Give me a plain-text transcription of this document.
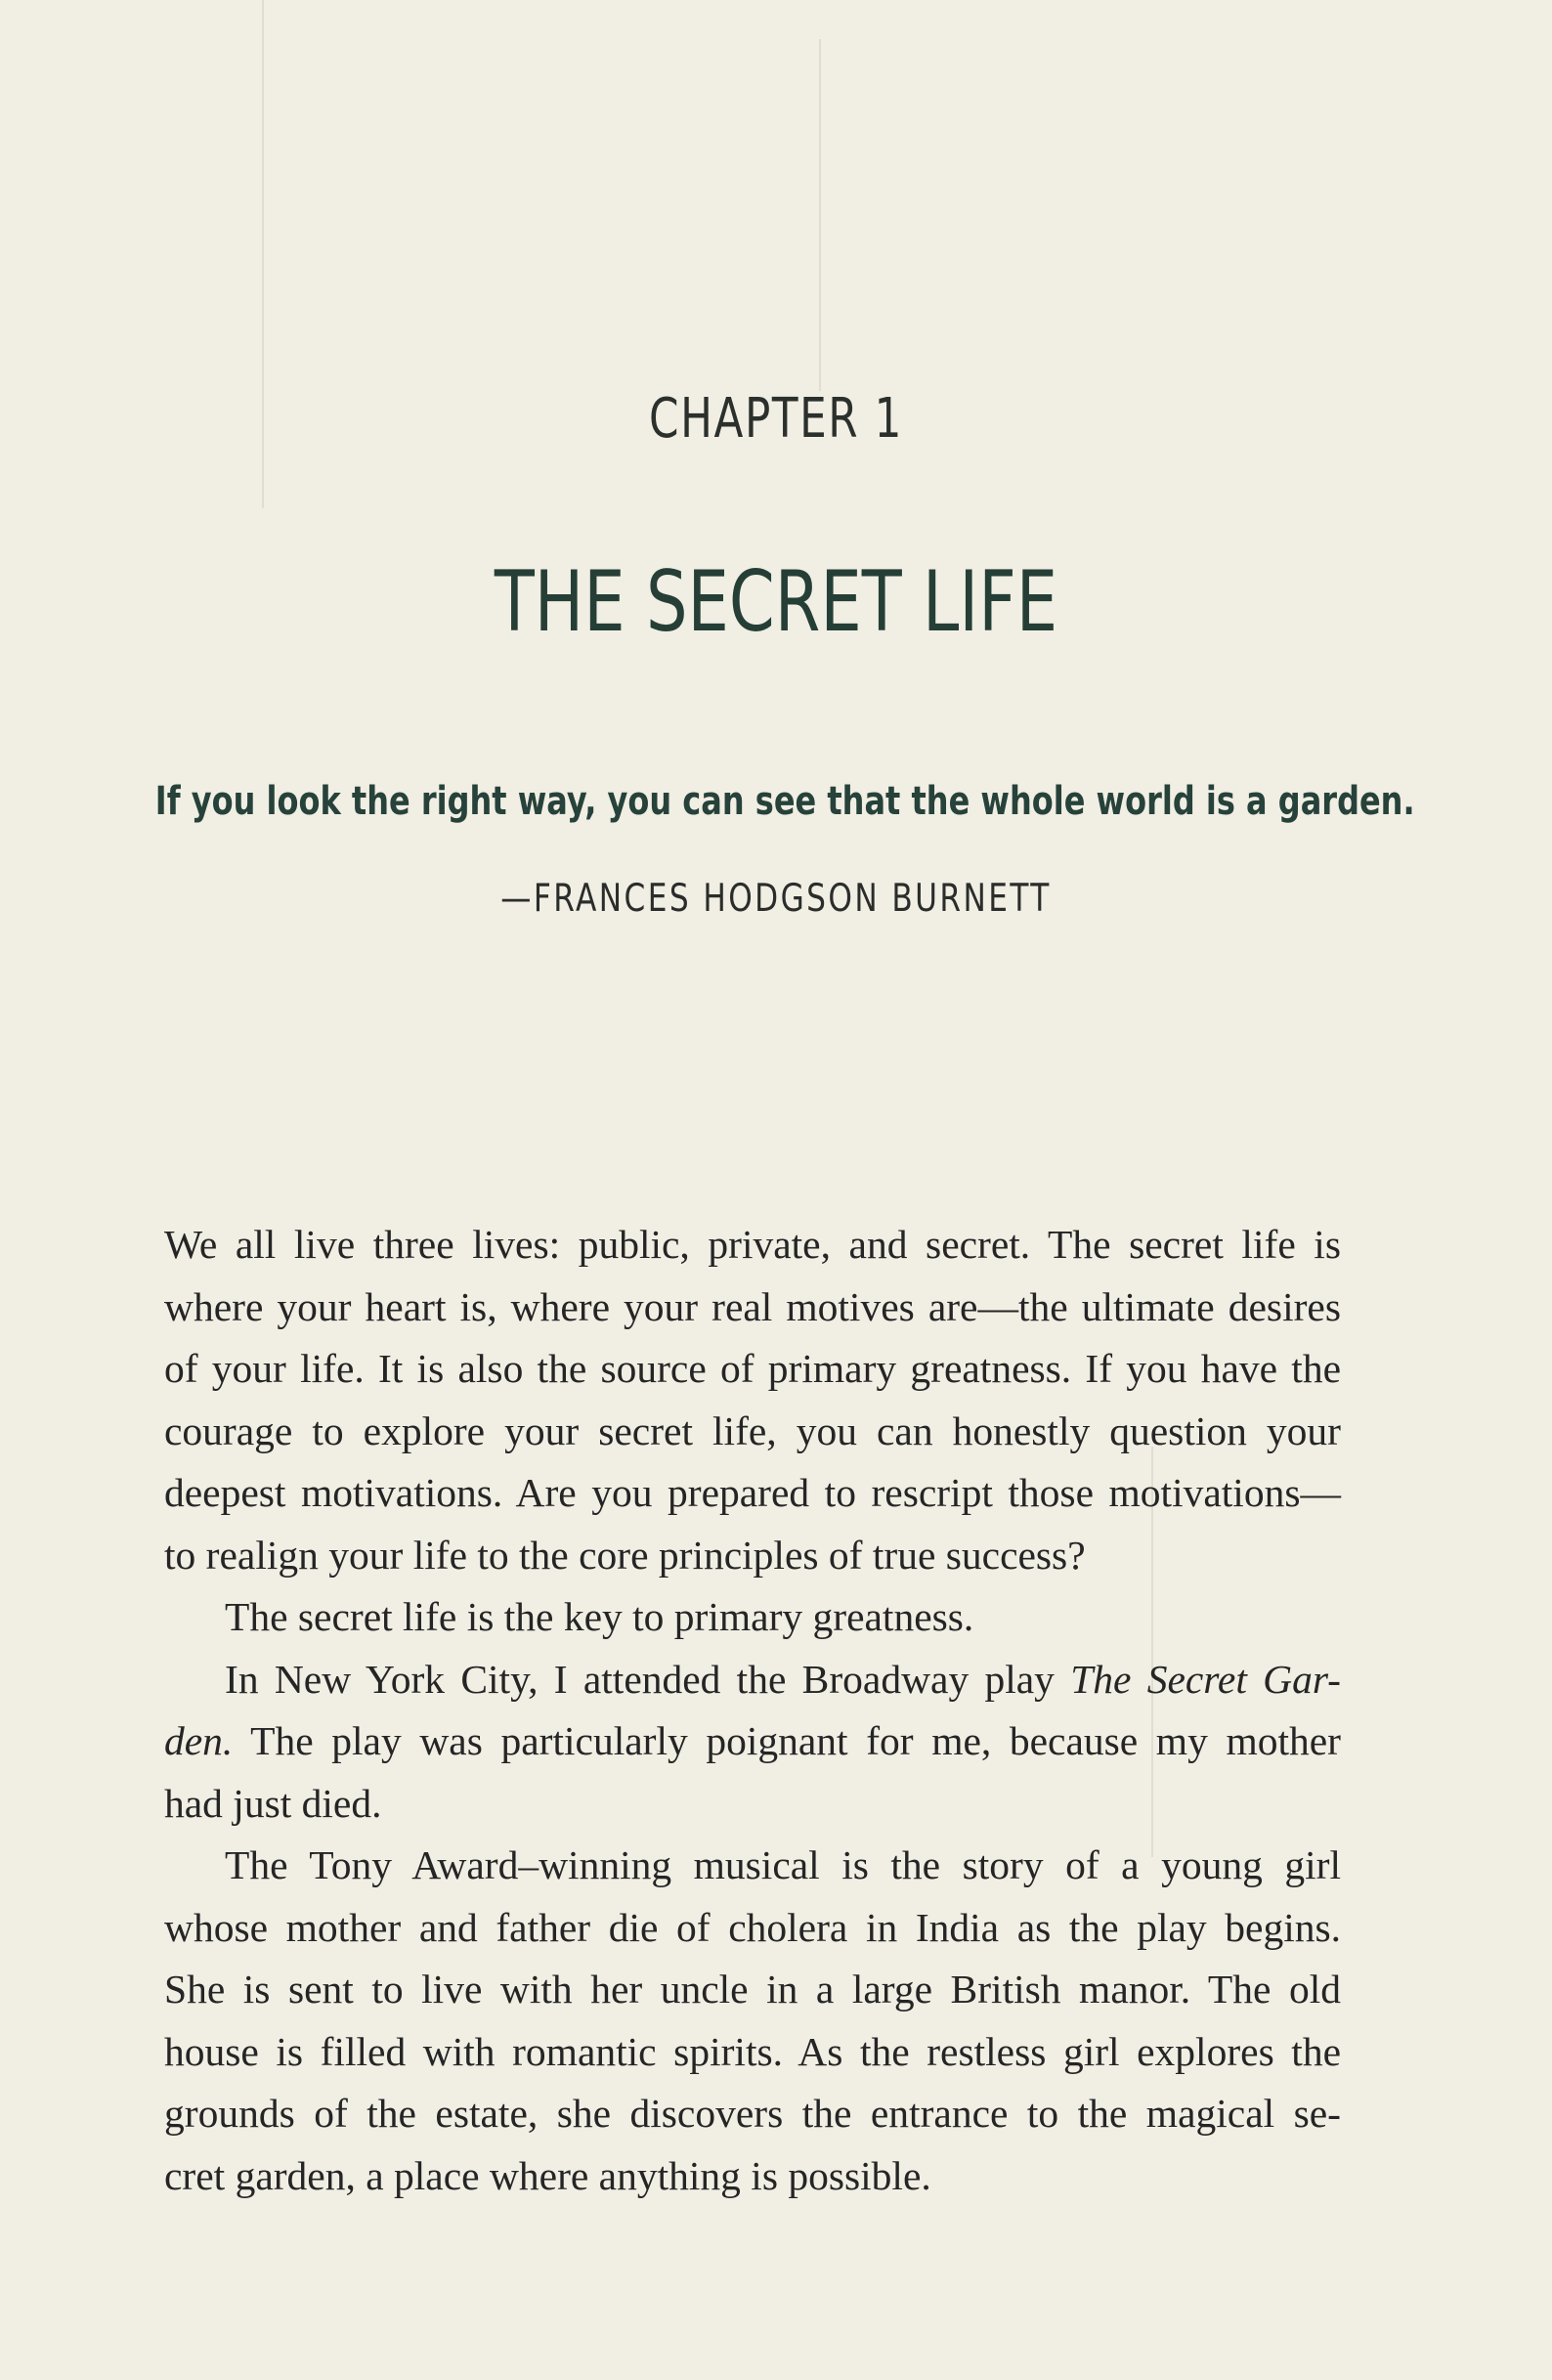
CHAPTER 1
THE SECRET LIFE
If you look the right way, you can see that the whole world is a garden.
—FRANCES HODGSON BURNETT

We all live three lives: public, private, and secret. The secret life is

where your heart is, where your real motives are—the ultimate desires

of your life. It is also the source of primary greatness. If you have the

courage to explore your secret life, you can honestly question your

deepest motivations. Are you prepared to rescript those motivations—

to realign your life to the core principles of true success?

The secret life is the key to primary greatness.

In New York City, I attended the Broadway play The Secret Gar-

den. The play was particularly poignant for me, because my mother

had just died.

The Tony Award–winning musical is the story of a young girl

whose mother and father die of cholera in India as the play begins.

She is sent to live with her uncle in a large British manor. The old

house is filled with romantic spirits. As the restless girl explores the

grounds of the estate, she discovers the entrance to the magical se-

cret garden, a place where anything is possible.
